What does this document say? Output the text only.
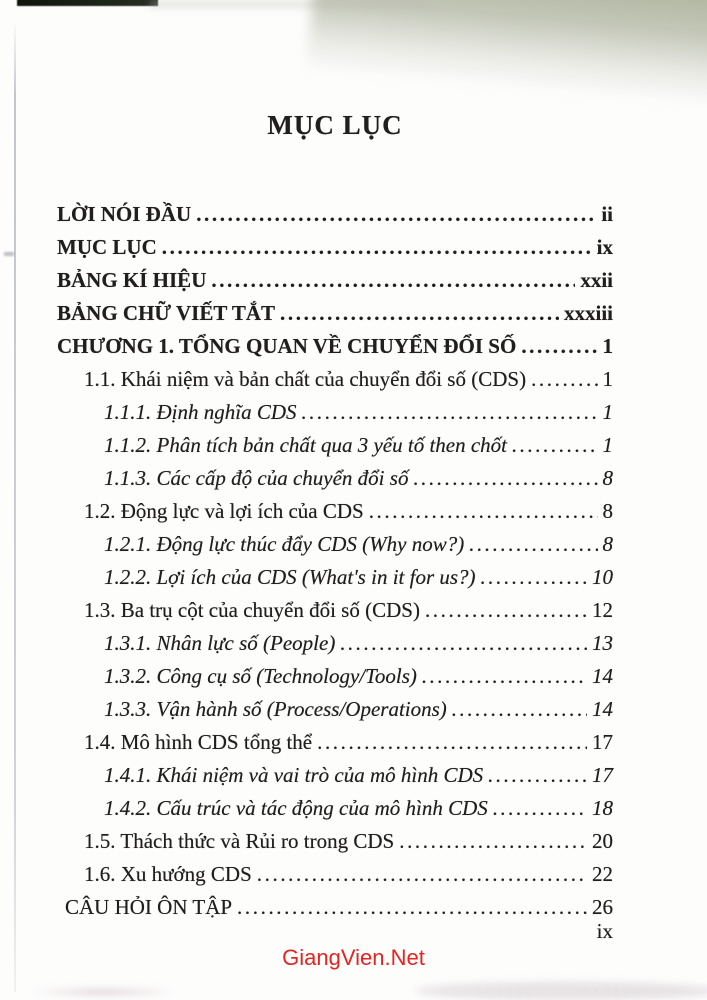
MỤC LỤC
LỜI NÓI ĐẦU .....	ii
MỤC LỤC .....	ix
BẢNG KÍ HIỆU .....	xxii
BẢNG CHỮ VIẾT TẮT .....	xxxiii
CHƯƠNG 1. TỔNG QUAN VỀ CHUYỂN ĐỔI SỐ .....	1
1.1. Khái niệm và bản chất của chuyển đổi số (CDS) .....	1
1.1.1. Định nghĩa CDS .....	1
1.1.2. Phân tích bản chất qua 3 yếu tố then chốt .....	1
1.1.3. Các cấp độ của chuyển đổi số .....	8
1.2. Động lực và lợi ích của CDS .....	8
1.2.1. Động lực thúc đẩy CDS (Why now?) .....	8
1.2.2. Lợi ích của CDS (What's in it for us?) .....	10
1.3. Ba trụ cột của chuyển đổi số (CDS) .....	12
1.3.1. Nhân lực số (People) .....	13
1.3.2. Công cụ số (Technology/Tools) .....	14
1.3.3. Vận hành số (Process/Operations) .....	14
1.4. Mô hình CDS tổng thể .....	17
1.4.1. Khái niệm và vai trò của mô hình CDS .....	17
1.4.2. Cấu trúc và tác động của mô hình CDS .....	18
1.5. Thách thức và Rủi ro trong CDS .....	20
1.6. Xu hướng CDS .....	22
CÂU HỎI ÔN TẬP .....	26
ix
GiangVien.Net
